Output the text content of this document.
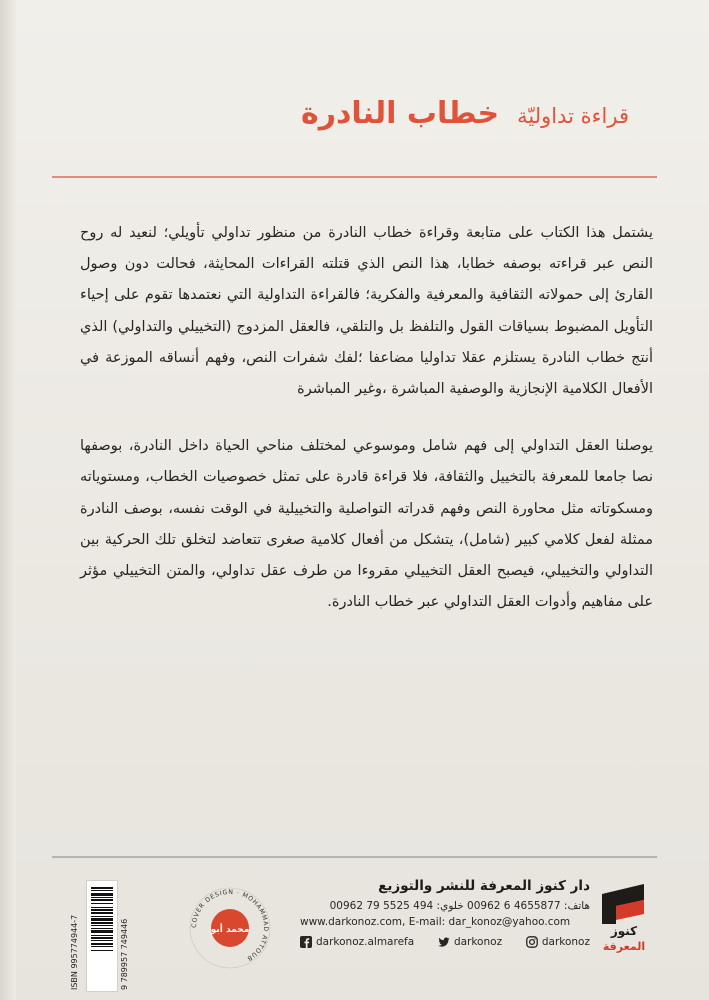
خطاب النادرة قراءة تداوليّة

يشتمل هذا الكتاب على متابعة وقراءة خطاب النادرة من منظور تداولي تأويلي؛ لنعيد له روح النص عبر قراءته بوصفه خطابا، هذا النص الذي قتلته القراءات المحايثة، فحالت دون وصول القارئ إلى حمولاته الثقافية والمعرفية والفكرية؛ فالقراءة التداولية التي نعتمدها تقوم على إحياء التأويل المضبوط بسياقات القول والتلفظ بل والتلقي، فالعقل المزدوج (التخييلي والتداولي) الذي أنتج خطاب النادرة يستلزم عقلا تداوليا مضاعفا ؛لفك شفرات النص، وفهم أنساقه الموزعة في الأفعال الكلامية الإنجازية والوصفية المباشرة ،وغير المباشرة

يوصلنا العقل التداولي إلى فهم شامل وموسوعي لمختلف مناحي الحياة داخل النادرة، بوصفها نصا جامعا للمعرفة بالتخييل والثقافة، فلا قراءة قادرة على تمثل خصوصيات الخطاب، ومستوياته ومسكوتاته مثل محاورة النص وفهم قدراته التواصلية والتخييلية في الوقت نفسه، بوصف النادرة ممثلة لفعل كلامي كبير (شامل)، يتشكل من أفعال كلامية صغرى تتعاضد لتخلق تلك الحركية بين التداولي والتخييلي، فيصبح العقل التخييلي مقروءا من طرف عقل تداولي، والمتن التخييلي مؤثر على مفاهيم وأدوات العقل التداولي عبر خطاب النادرة.

ISBN 995774944-7	9 789957 749446	COVER DESIGN · MOHAMMAD ATTOUB
محمد أبو
دار كنوز المعرفة للنشر والتوزيع
هاتف: 4655877 6 00962 خلوي: 494 5525 79 00962
www.darkonoz.com, E-mail: dar_konoz@yahoo.com
darkonoz.almarefa	darkonoz	darkonoz
كنوز
المعرفة
